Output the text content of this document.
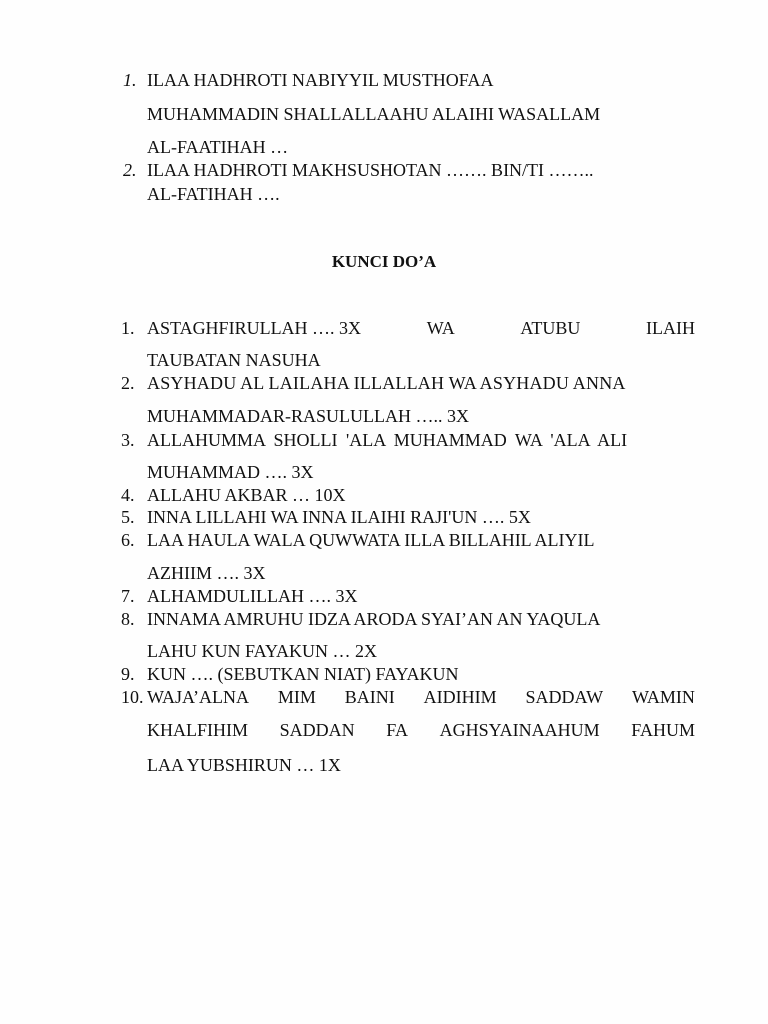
1. ILAA HADHROTI NABIYYIL MUSTHOFAA
MUHAMMADIN SHALLALLAAHU ALAIHI WASALLAM
AL-FAATIHAH …
2. ILAA HADHROTI MAKHSUSHOTAN ……. BIN/TI ……..
AL-FATIHAH ….
KUNCI DO’A
1. ASTAGHFIRULLAH …. 3X	WA	ATUBU	ILAIH
TAUBATAN NASUHA
2. ASYHADU AL LAILAHA ILLALLAH WA ASYHADU ANNA
MUHAMMADAR-RASULULLAH ….. 3X
3. ALLAHUMMA SHOLLI 'ALA MUHAMMAD WA 'ALA ALI
MUHAMMAD …. 3X
4. ALLAHU AKBAR … 10X
5. INNA LILLAHI WA INNA ILAIHI RAJI'UN …. 5X
6. LAA HAULA WALA QUWWATA ILLA BILLAHIL ALIYIL
AZHIIM …. 3X
7. ALHAMDULILLAH …. 3X
8. INNAMA AMRUHU IDZA ARODA SYAI’AN AN YAQULA
LAHU KUN FAYAKUN … 2X
9. KUN …. (SEBUTKAN NIAT) FAYAKUN
10. WAJA’ALNA MIM BAINI AIDIHIM SADDAW WAMIN
KHALFIHIM SADDAN FA AGHSYAINAAHUM FAHUM
LAA YUBSHIRUN … 1X
